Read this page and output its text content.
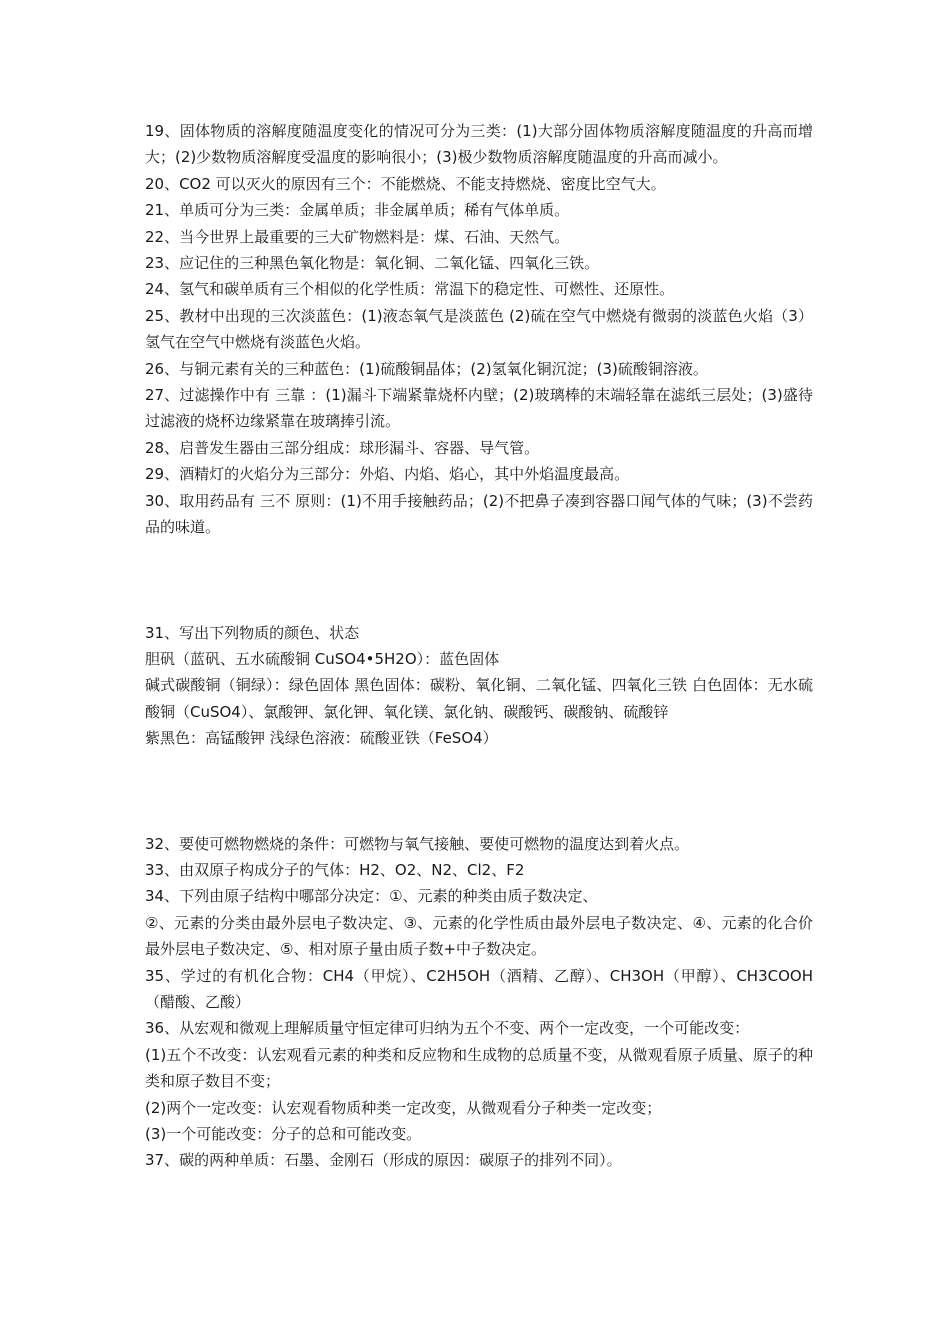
19、固体物质的溶解度随温度变化的情况可分为三类：(1)大部分固体物质溶解度随温度的升高而增大；(2)少数物质溶解度受温度的影响很小；(3)极少数物质溶解度随温度的升高而减小。

20、CO2 可以灭火的原因有三个：不能燃烧、不能支持燃烧、密度比空气大。

21、单质可分为三类：金属单质；非金属单质；稀有气体单质。

22、当今世界上最重要的三大矿物燃料是：煤、石油、天然气。

23、应记住的三种黑色氧化物是：氧化铜、二氧化锰、四氧化三铁。

24、氢气和碳单质有三个相似的化学性质：常温下的稳定性、可燃性、还原性。

25、教材中出现的三次淡蓝色：(1)液态氧气是淡蓝色 (2)硫在空气中燃烧有微弱的淡蓝色火焰（3）氢气在空气中燃烧有淡蓝色火焰。

26、与铜元素有关的三种蓝色：(1)硫酸铜晶体；(2)氢氧化铜沉淀；(3)硫酸铜溶液。

27、过滤操作中有 三靠 ：(1)漏斗下端紧靠烧杯内壁；(2)玻璃棒的末端轻靠在滤纸三层处；(3)盛待过滤液的烧杯边缘紧靠在玻璃捧引流。

28、启普发生器由三部分组成：球形漏斗、容器、导气管。

29、酒精灯的火焰分为三部分：外焰、内焰、焰心，其中外焰温度最高。

30、取用药品有 三不 原则：(1)不用手接触药品；(2)不把鼻子凑到容器口闻气体的气味；(3)不尝药品的味道。

31、写出下列物质的颜色、状态

胆矾（蓝矾、五水硫酸铜 CuSO4•5H2O）：蓝色固体

碱式碳酸铜（铜绿）：绿色固体 黑色固体：碳粉、氧化铜、二氧化锰、四氧化三铁 白色固体：无水硫酸铜（CuSO4）、氯酸钾、氯化钾、氧化镁、氯化钠、碳酸钙、碳酸钠、硫酸锌

紫黑色：高锰酸钾 浅绿色溶液：硫酸亚铁（FeSO4）

32、要使可燃物燃烧的条件：可燃物与氧气接触、要使可燃物的温度达到着火点。

33、由双原子构成分子的气体：H2、O2、N2、Cl2、F2

34、下列由原子结构中哪部分决定：①、元素的种类由质子数决定、

②、元素的分类由最外层电子数决定、③、元素的化学性质由最外层电子数决定、④、元素的化合价最外层电子数决定、⑤、相对原子量由质子数+中子数决定。

35、学过的有机化合物：CH4（甲烷）、C2H5OH（酒精、乙醇）、CH3OH（甲醇）、CH3COOH（醋酸、乙酸）

36、从宏观和微观上理解质量守恒定律可归纳为五个不变、两个一定改变，一个可能改变：

(1)五个不改变：认宏观看元素的种类和反应物和生成物的总质量不变，从微观看原子质量、原子的种类和原子数目不变；

(2)两个一定改变：认宏观看物质种类一定改变，从微观看分子种类一定改变；

(3)一个可能改变：分子的总和可能改变。

37、碳的两种单质：石墨、金刚石（形成的原因：碳原子的排列不同）。
